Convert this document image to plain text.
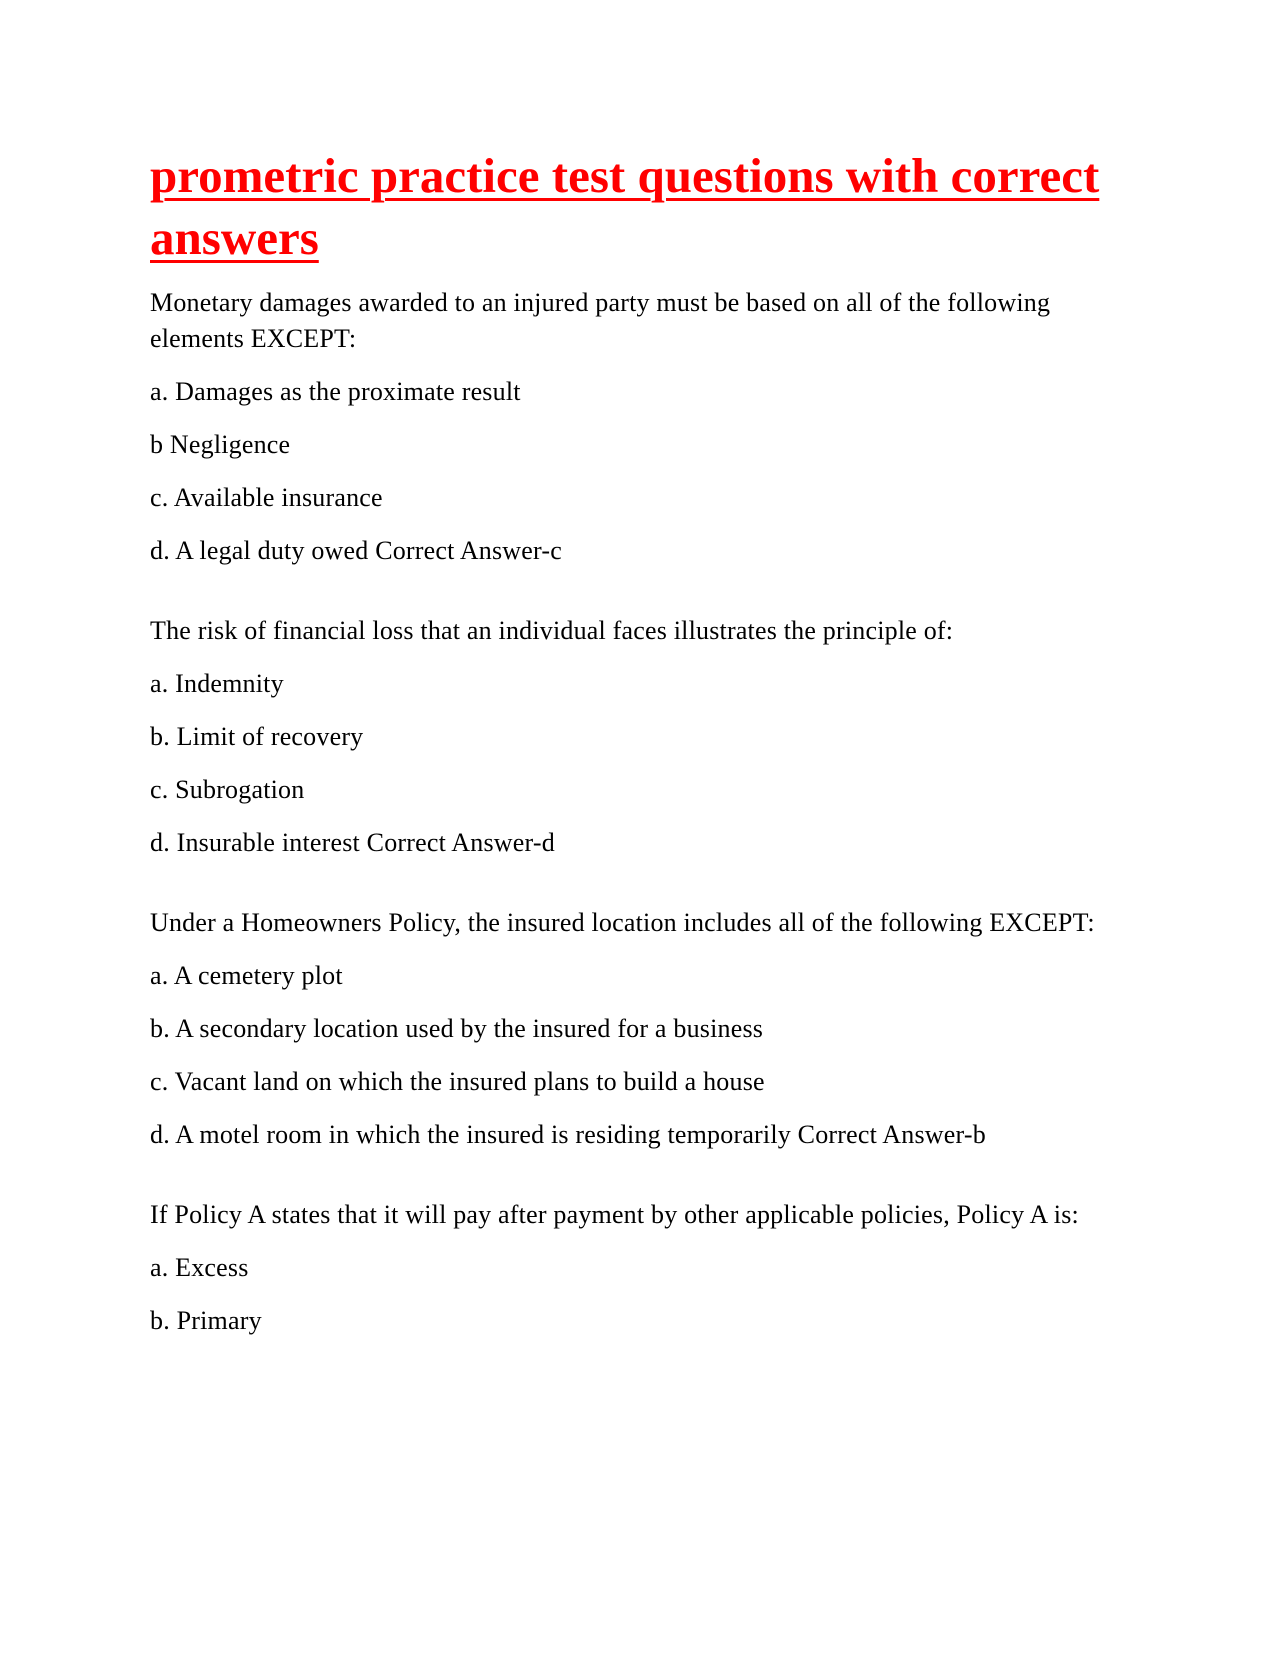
prometric practice test questions with correct answers

Monetary damages awarded to an injured party must be based on all of the following elements EXCEPT:

a. Damages as the proximate result
b Negligence
c. Available insurance
d. A legal duty owed Correct Answer-c

The risk of financial loss that an individual faces illustrates the principle of:

a. Indemnity
b. Limit of recovery
c. Subrogation
d. Insurable interest Correct Answer-d

Under a Homeowners Policy, the insured location includes all of the following EXCEPT:

a. A cemetery plot
b. A secondary location used by the insured for a business
c. Vacant land on which the insured plans to build a house
d. A motel room in which the insured is residing temporarily Correct Answer-b

If Policy A states that it will pay after payment by other applicable policies, Policy A is:

a. Excess
b. Primary
